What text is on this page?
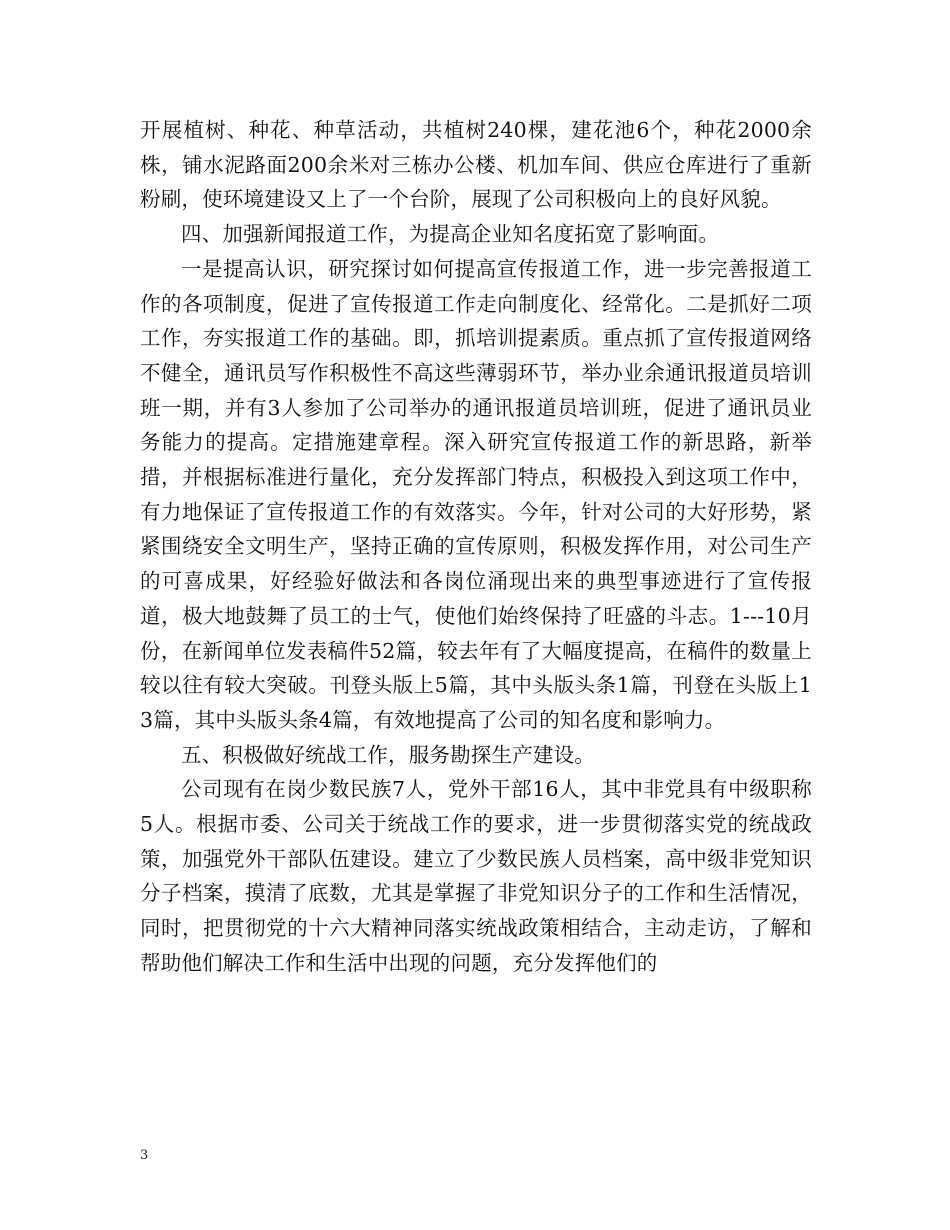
开展植树、种花、种草活动，共植树240棵，建花池6个，种花2000余株，铺水泥路面200余米对三栋办公楼、机加车间、供应仓库进行了重新粉刷，使环境建设又上了一个台阶，展现了公司积极向上的良好风貌。

四、加强新闻报道工作，为提高企业知名度拓宽了影响面。

一是提高认识，研究探讨如何提高宣传报道工作，进一步完善报道工作的各项制度，促进了宣传报道工作走向制度化、经常化。二是抓好二项工作，夯实报道工作的基础。即，抓培训提素质。重点抓了宣传报道网络不健全，通讯员写作积极性不高这些薄弱环节，举办业余通讯报道员培训班一期，并有3人参加了公司举办的通讯报道员培训班，促进了通讯员业务能力的提高。定措施建章程。深入研究宣传报道工作的新思路，新举措，并根据标准进行量化，充分发挥部门特点，积极投入到这项工作中，有力地保证了宣传报道工作的有效落实。今年，针对公司的大好形势，紧紧围绕安全文明生产，坚持正确的宣传原则，积极发挥作用，对公司生产的可喜成果，好经验好做法和各岗位涌现出来的典型事迹进行了宣传报道，极大地鼓舞了员工的士气，使他们始终保持了旺盛的斗志。1---10月份，在新闻单位发表稿件52篇，较去年有了大幅度提高，在稿件的数量上较以往有较大突破。刊登头版上5篇，其中头版头条1篇，刊登在头版上13篇，其中头版头条4篇，有效地提高了公司的知名度和影响力。

五、积极做好统战工作，服务勘探生产建设。

公司现有在岗少数民族7人，党外干部16人，其中非党具有中级职称5人。根据市委、公司关于统战工作的要求，进一步贯彻落实党的统战政策，加强党外干部队伍建设。建立了少数民族人员档案，高中级非党知识分子档案，摸清了底数，尤其是掌握了非党知识分子的工作和生活情况，同时，把贯彻党的十六大精神同落实统战政策相结合，主动走访，了解和帮助他们解决工作和生活中出现的问题，充分发挥他们的

3
